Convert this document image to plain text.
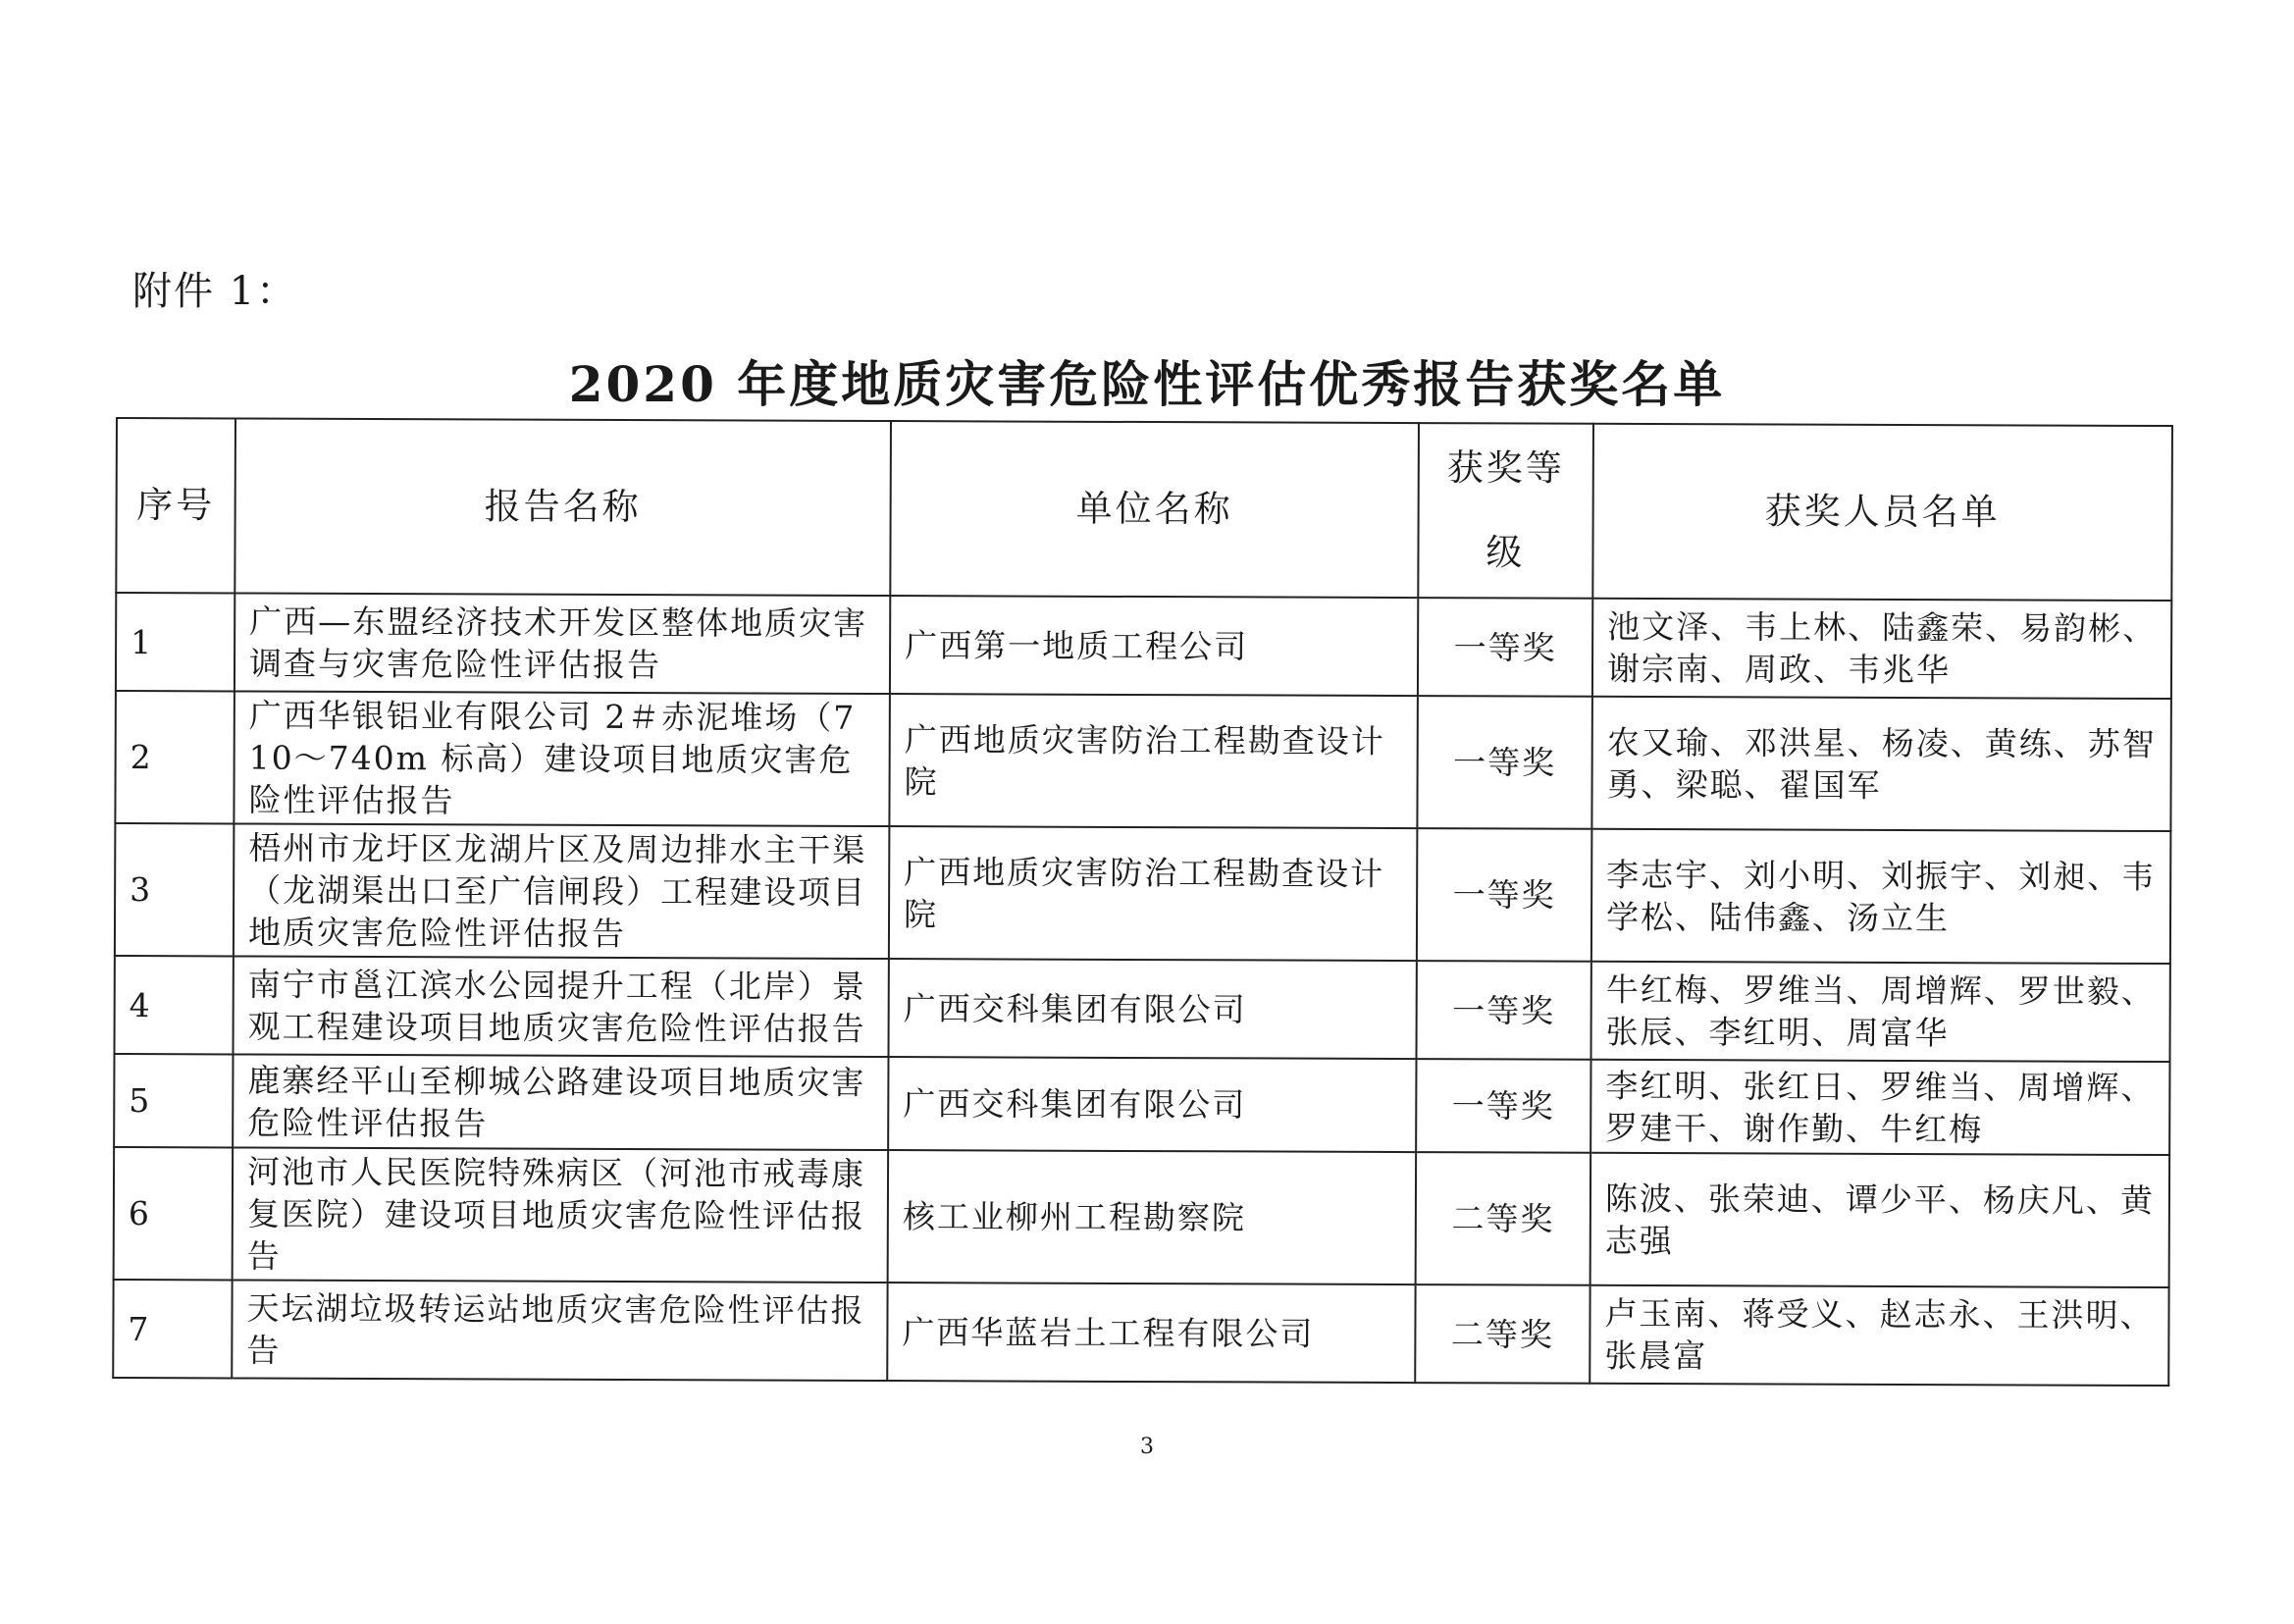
附件 1：
2020 年度地质灾害危险性评估优秀报告获奖名单
序号	报告名称	单位名称	获奖等级	获奖人员名单
1	广西—东盟经济技术开发区整体地质灾害调查与灾害危险性评估报告	广西第一地质工程公司	一等奖	池文泽、韦上林、陆鑫荣、易韵彬、谢宗南、周政、韦兆华
2	广西华银铝业有限公司 2＃赤泥堆场（710～740m 标高）建设项目地质灾害危险性评估报告	广西地质灾害防治工程勘查设计院	一等奖	农又瑜、邓洪星、杨凌、黄练、苏智勇、梁聪、翟国军
3	梧州市龙圩区龙湖片区及周边排水主干渠（龙湖渠出口至广信闸段）工程建设项目地质灾害危险性评估报告	广西地质灾害防治工程勘查设计院	一等奖	李志宇、刘小明、刘振宇、刘昶、韦学松、陆伟鑫、汤立生
4	南宁市邕江滨水公园提升工程（北岸）景观工程建设项目地质灾害危险性评估报告	广西交科集团有限公司	一等奖	牛红梅、罗维当、周增辉、罗世毅、张辰、李红明、周富华
5	鹿寨经平山至柳城公路建设项目地质灾害危险性评估报告	广西交科集团有限公司	一等奖	李红明、张红日、罗维当、周增辉、罗建干、谢作勤、牛红梅
6	河池市人民医院特殊病区（河池市戒毒康复医院）建设项目地质灾害危险性评估报告	核工业柳州工程勘察院	二等奖	陈波、张荣迪、谭少平、杨庆凡、黄志强
7	天坛湖垃圾转运站地质灾害危险性评估报告	广西华蓝岩土工程有限公司	二等奖	卢玉南、蒋受义、赵志永、王洪明、张晨富
3
